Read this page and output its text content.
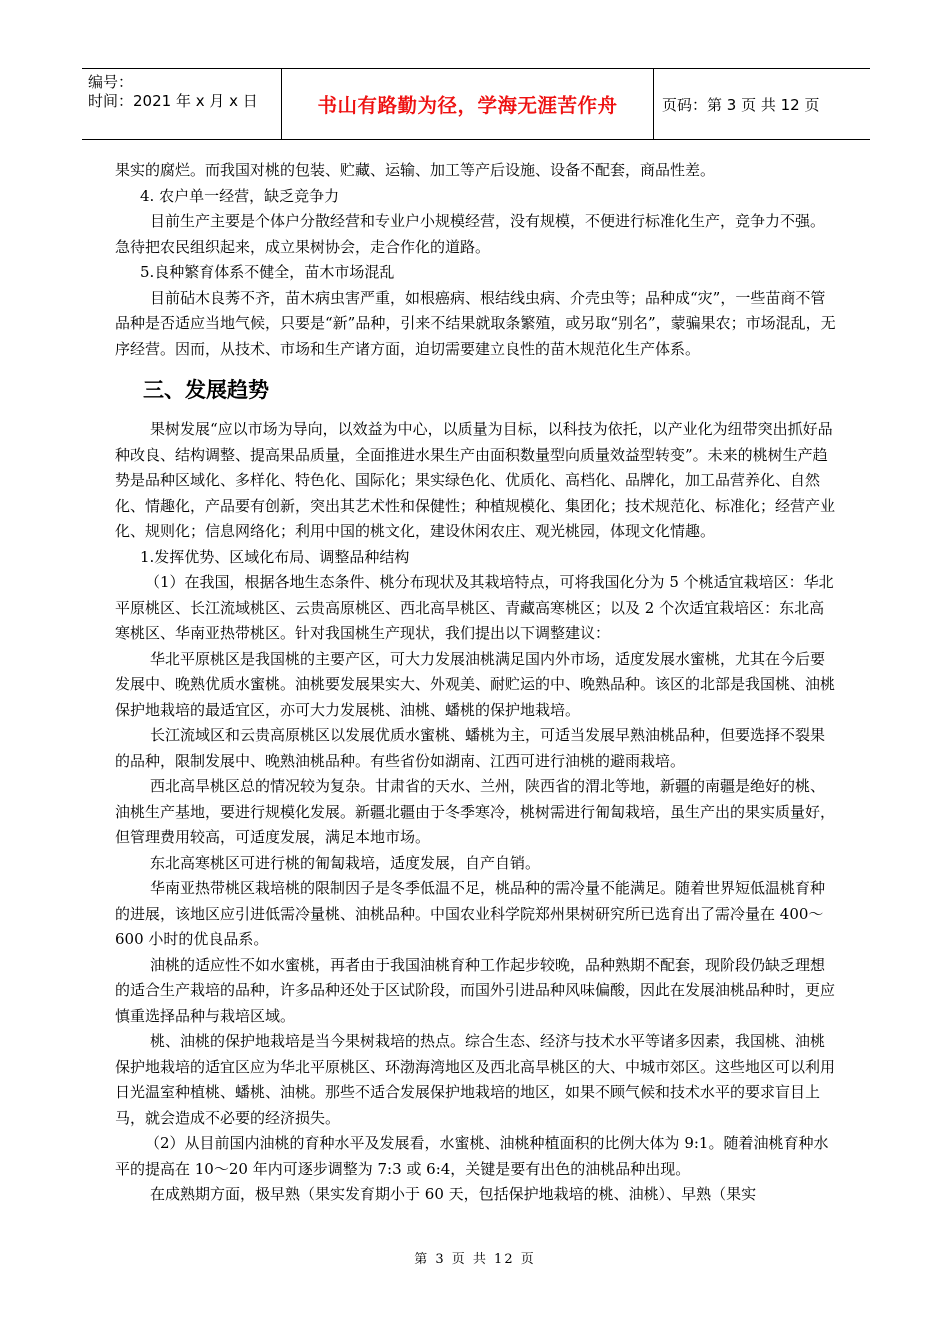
编号：
时间：2021 年 x 月 x 日	书山有路勤为径，学海无涯苦作舟	页码：第 3 页 共 12 页

果实的腐烂。而我国对桃的包装、贮藏、运输、加工等产后设施、设备不配套，商品性差。

4. 农户单一经营，缺乏竞争力

目前生产主要是个体户分散经营和专业户小规模经营，没有规模，不便进行标准化生产，竞争力不强。急待把农民组织起来，成立果树协会，走合作化的道路。

5.良种繁育体系不健全，苗木市场混乱

目前砧木良莠不齐，苗木病虫害严重，如根癌病、根结线虫病、介壳虫等；品种成“灾”，一些苗商不管品种是否适应当地气候，只要是“新”品种，引来不结果就取条繁殖，或另取“别名”，蒙骗果农；市场混乱，无序经营。因而，从技术、市场和生产诸方面，迫切需要建立良性的苗木规范化生产体系。

三、发展趋势

果树发展“应以市场为导向，以效益为中心，以质量为目标，以科技为依托，以产业化为纽带突出抓好品种改良、结构调整、提高果品质量，全面推进水果生产由面积数量型向质量效益型转变”。未来的桃树生产趋势是品种区域化、多样化、特色化、国际化；果实绿色化、优质化、高档化、品牌化，加工品营养化、自然化、情趣化，产品要有创新，突出其艺术性和保健性；种植规模化、集团化；技术规范化、标准化；经营产业化、规则化；信息网络化；利用中国的桃文化，建设休闲农庄、观光桃园，体现文化情趣。

1.发挥优势、区域化布局、调整品种结构

（1）在我国，根据各地生态条件、桃分布现状及其栽培特点，可将我国化分为 5 个桃适宜栽培区：华北平原桃区、长江流域桃区、云贵高原桃区、西北高旱桃区、青藏高寒桃区；以及 2 个次适宜栽培区：东北高寒桃区、华南亚热带桃区。针对我国桃生产现状，我们提出以下调整建议：

华北平原桃区是我国桃的主要产区，可大力发展油桃满足国内外市场，适度发展水蜜桃，尤其在今后要发展中、晚熟优质水蜜桃。油桃要发展果实大、外观美、耐贮运的中、晚熟品种。该区的北部是我国桃、油桃保护地栽培的最适宜区，亦可大力发展桃、油桃、蟠桃的保护地栽培。

长江流域区和云贵高原桃区以发展优质水蜜桃、蟠桃为主，可适当发展早熟油桃品种，但要选择不裂果的品种，限制发展中、晚熟油桃品种。有些省份如湖南、江西可进行油桃的避雨栽培。

西北高旱桃区总的情况较为复杂。甘肃省的天水、兰州，陕西省的渭北等地，新疆的南疆是绝好的桃、油桃生产基地，要进行规模化发展。新疆北疆由于冬季寒冷，桃树需进行匍匐栽培，虽生产出的果实质量好，但管理费用较高，可适度发展，满足本地市场。

东北高寒桃区可进行桃的匍匐栽培，适度发展，自产自销。

华南亚热带桃区栽培桃的限制因子是冬季低温不足，桃品种的需冷量不能满足。随着世界短低温桃育种的进展，该地区应引进低需冷量桃、油桃品种。中国农业科学院郑州果树研究所已选育出了需冷量在 400～600 小时的优良品系。

油桃的适应性不如水蜜桃，再者由于我国油桃育种工作起步较晚，品种熟期不配套，现阶段仍缺乏理想的适合生产栽培的品种，许多品种还处于区试阶段，而国外引进品种风味偏酸，因此在发展油桃品种时，更应慎重选择品种与栽培区域。

桃、油桃的保护地栽培是当今果树栽培的热点。综合生态、经济与技术水平等诸多因素，我国桃、油桃保护地栽培的适宜区应为华北平原桃区、环渤海湾地区及西北高旱桃区的大、中城市郊区。这些地区可以利用日光温室种植桃、蟠桃、油桃。那些不适合发展保护地栽培的地区，如果不顾气候和技术水平的要求盲目上马，就会造成不必要的经济损失。

（2）从目前国内油桃的育种水平及发展看，水蜜桃、油桃种植面积的比例大体为 9:1。随着油桃育种水平的提高在 10～20 年内可逐步调整为 7:3 或 6:4，关键是要有出色的油桃品种出现。

在成熟期方面，极早熟（果实发育期小于 60 天，包括保护地栽培的桃、油桃）、早熟（果实

第 3 页 共 12 页
